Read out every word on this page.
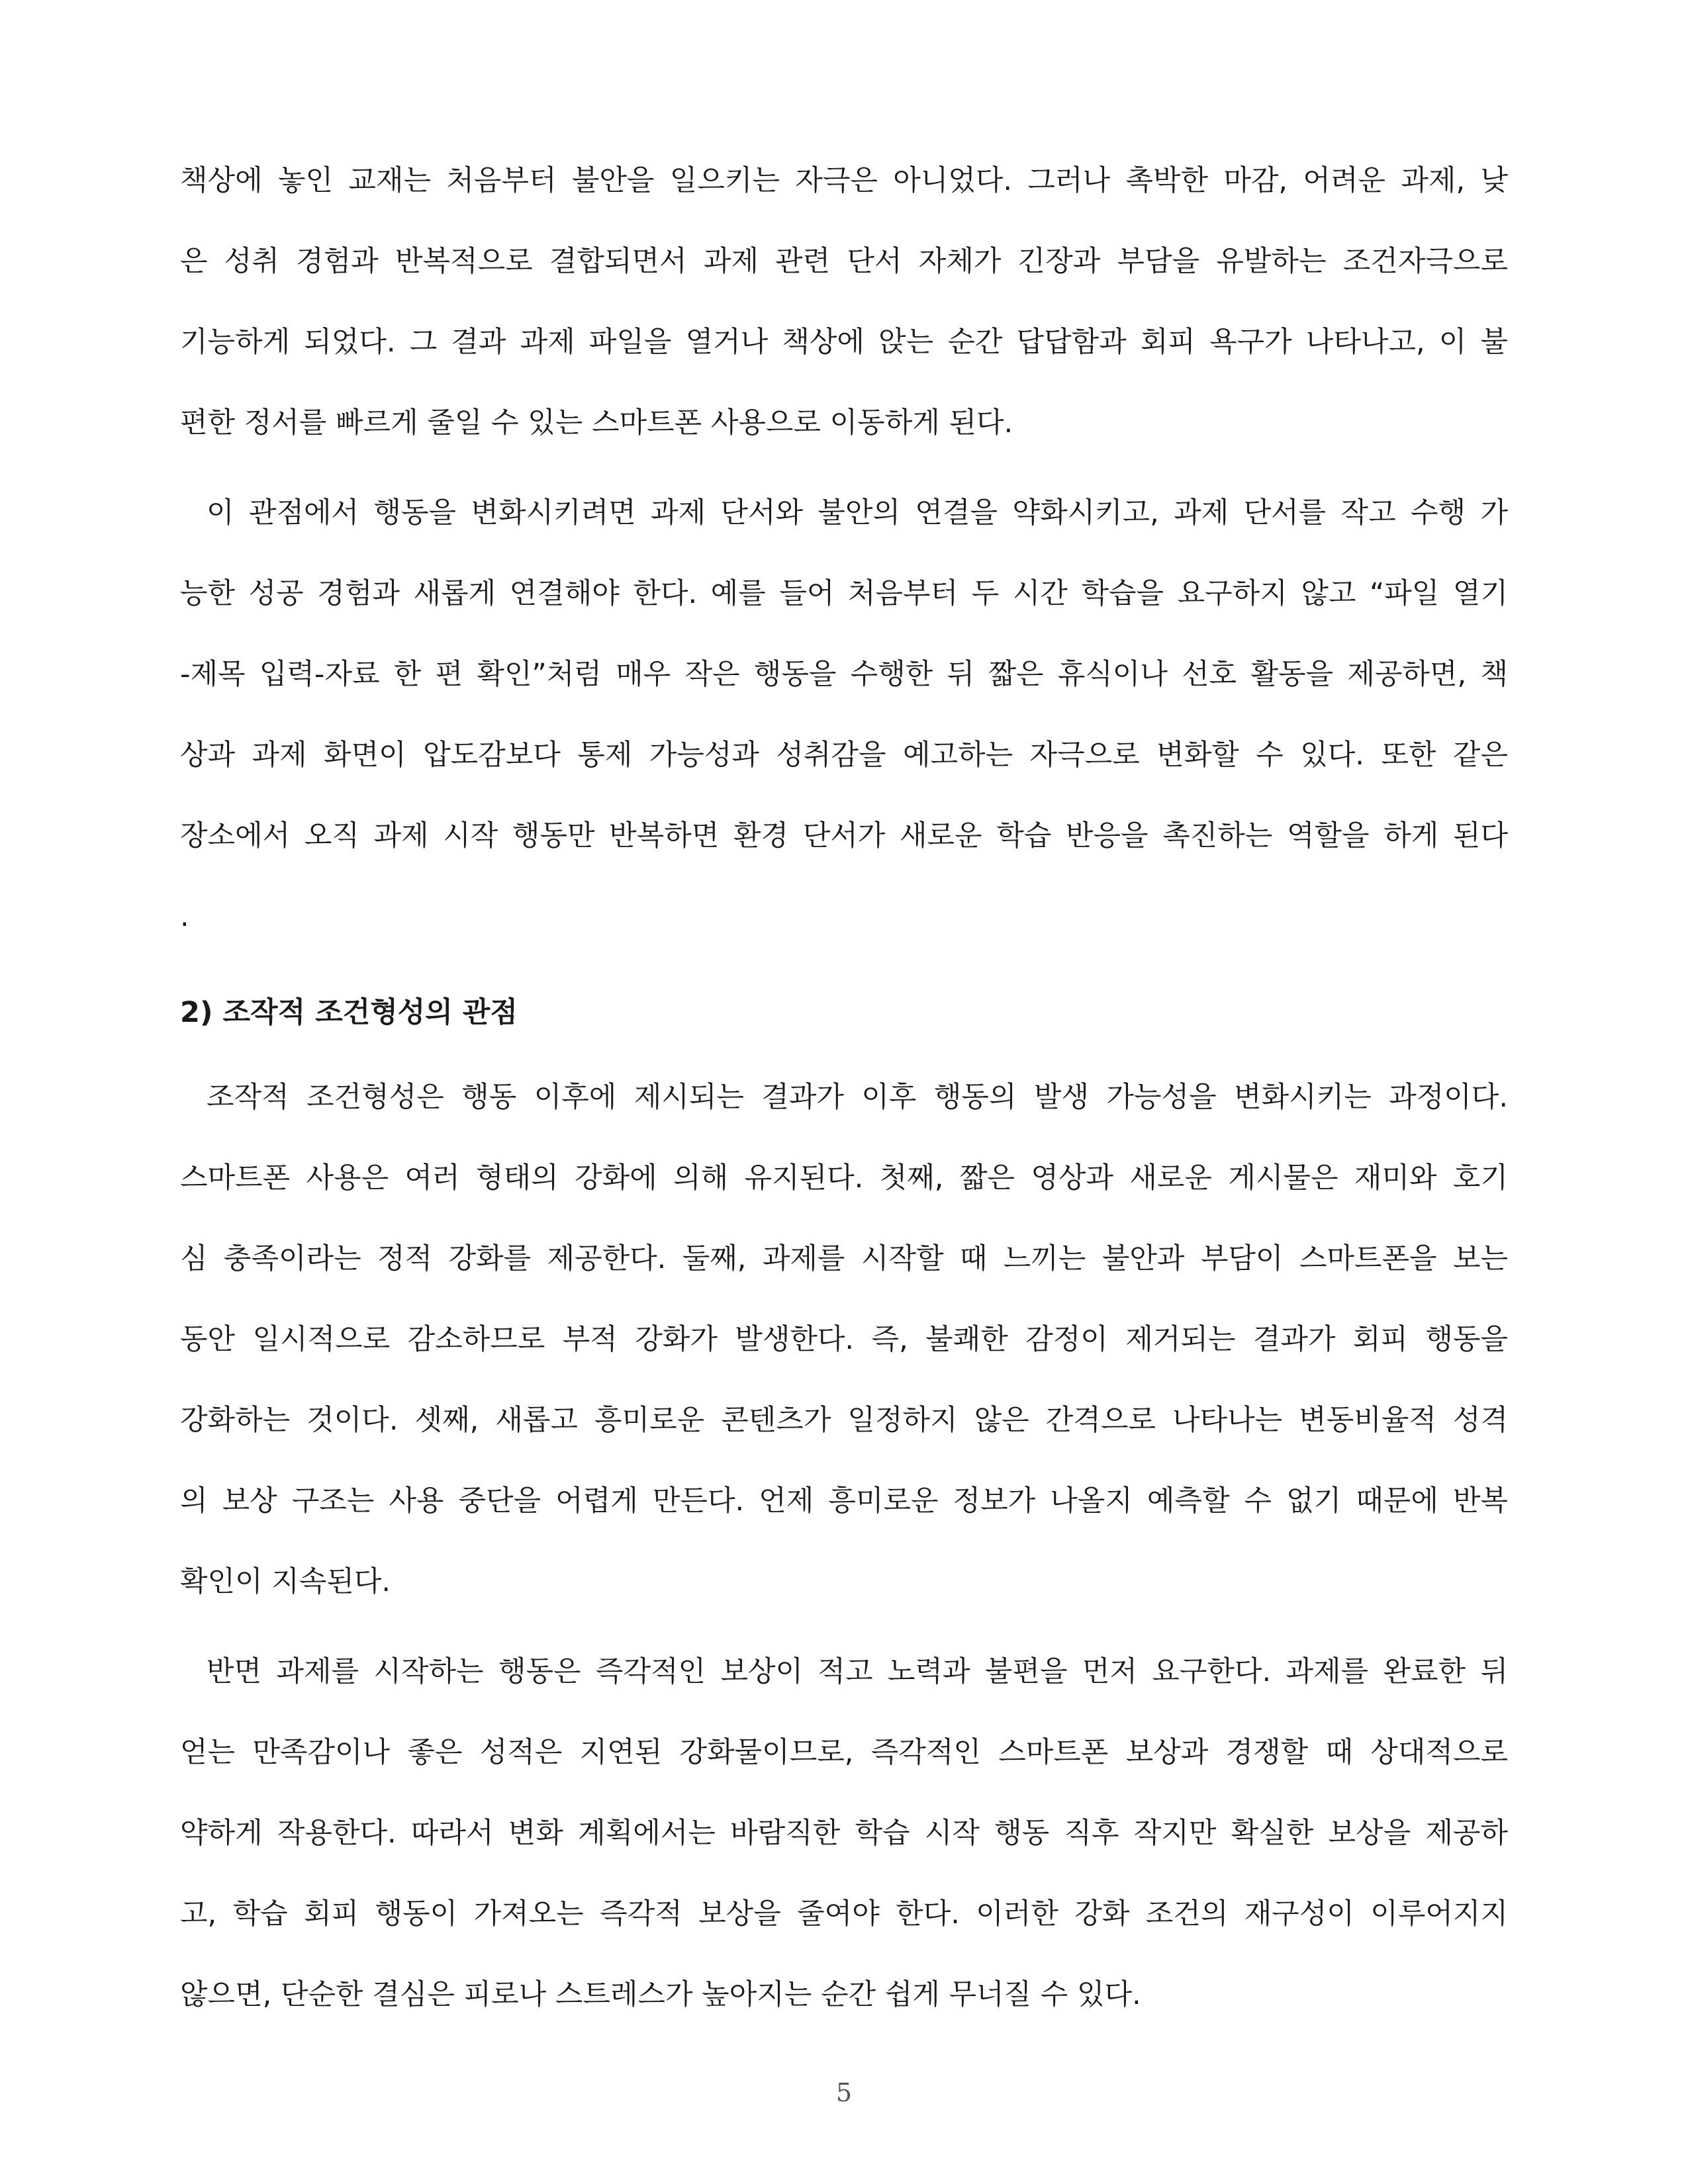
책상에 놓인 교재는 처음부터 불안을 일으키는 자극은 아니었다. 그러나 촉박한 마감, 어려운 과제, 낮
은 성취 경험과 반복적으로 결합되면서 과제 관련 단서 자체가 긴장과 부담을 유발하는 조건자극으로
기능하게 되었다. 그 결과 과제 파일을 열거나 책상에 앉는 순간 답답함과 회피 욕구가 나타나고, 이 불
편한 정서를 빠르게 줄일 수 있는 스마트폰 사용으로 이동하게 된다.
이 관점에서 행동을 변화시키려면 과제 단서와 불안의 연결을 약화시키고, 과제 단서를 작고 수행 가
능한 성공 경험과 새롭게 연결해야 한다. 예를 들어 처음부터 두 시간 학습을 요구하지 않고 “파일 열기
-제목 입력-자료 한 편 확인”처럼 매우 작은 행동을 수행한 뒤 짧은 휴식이나 선호 활동을 제공하면, 책
상과 과제 화면이 압도감보다 통제 가능성과 성취감을 예고하는 자극으로 변화할 수 있다. 또한 같은
장소에서 오직 과제 시작 행동만 반복하면 환경 단서가 새로운 학습 반응을 촉진하는 역할을 하게 된다
.
2) 조작적 조건형성의 관점
조작적 조건형성은 행동 이후에 제시되는 결과가 이후 행동의 발생 가능성을 변화시키는 과정이다.
스마트폰 사용은 여러 형태의 강화에 의해 유지된다. 첫째, 짧은 영상과 새로운 게시물은 재미와 호기
심 충족이라는 정적 강화를 제공한다. 둘째, 과제를 시작할 때 느끼는 불안과 부담이 스마트폰을 보는
동안 일시적으로 감소하므로 부적 강화가 발생한다. 즉, 불쾌한 감정이 제거되는 결과가 회피 행동을
강화하는 것이다. 셋째, 새롭고 흥미로운 콘텐츠가 일정하지 않은 간격으로 나타나는 변동비율적 성격
의 보상 구조는 사용 중단을 어렵게 만든다. 언제 흥미로운 정보가 나올지 예측할 수 없기 때문에 반복
확인이 지속된다.
반면 과제를 시작하는 행동은 즉각적인 보상이 적고 노력과 불편을 먼저 요구한다. 과제를 완료한 뒤
얻는 만족감이나 좋은 성적은 지연된 강화물이므로, 즉각적인 스마트폰 보상과 경쟁할 때 상대적으로
약하게 작용한다. 따라서 변화 계획에서는 바람직한 학습 시작 행동 직후 작지만 확실한 보상을 제공하
고, 학습 회피 행동이 가져오는 즉각적 보상을 줄여야 한다. 이러한 강화 조건의 재구성이 이루어지지
않으면, 단순한 결심은 피로나 스트레스가 높아지는 순간 쉽게 무너질 수 있다.
5
